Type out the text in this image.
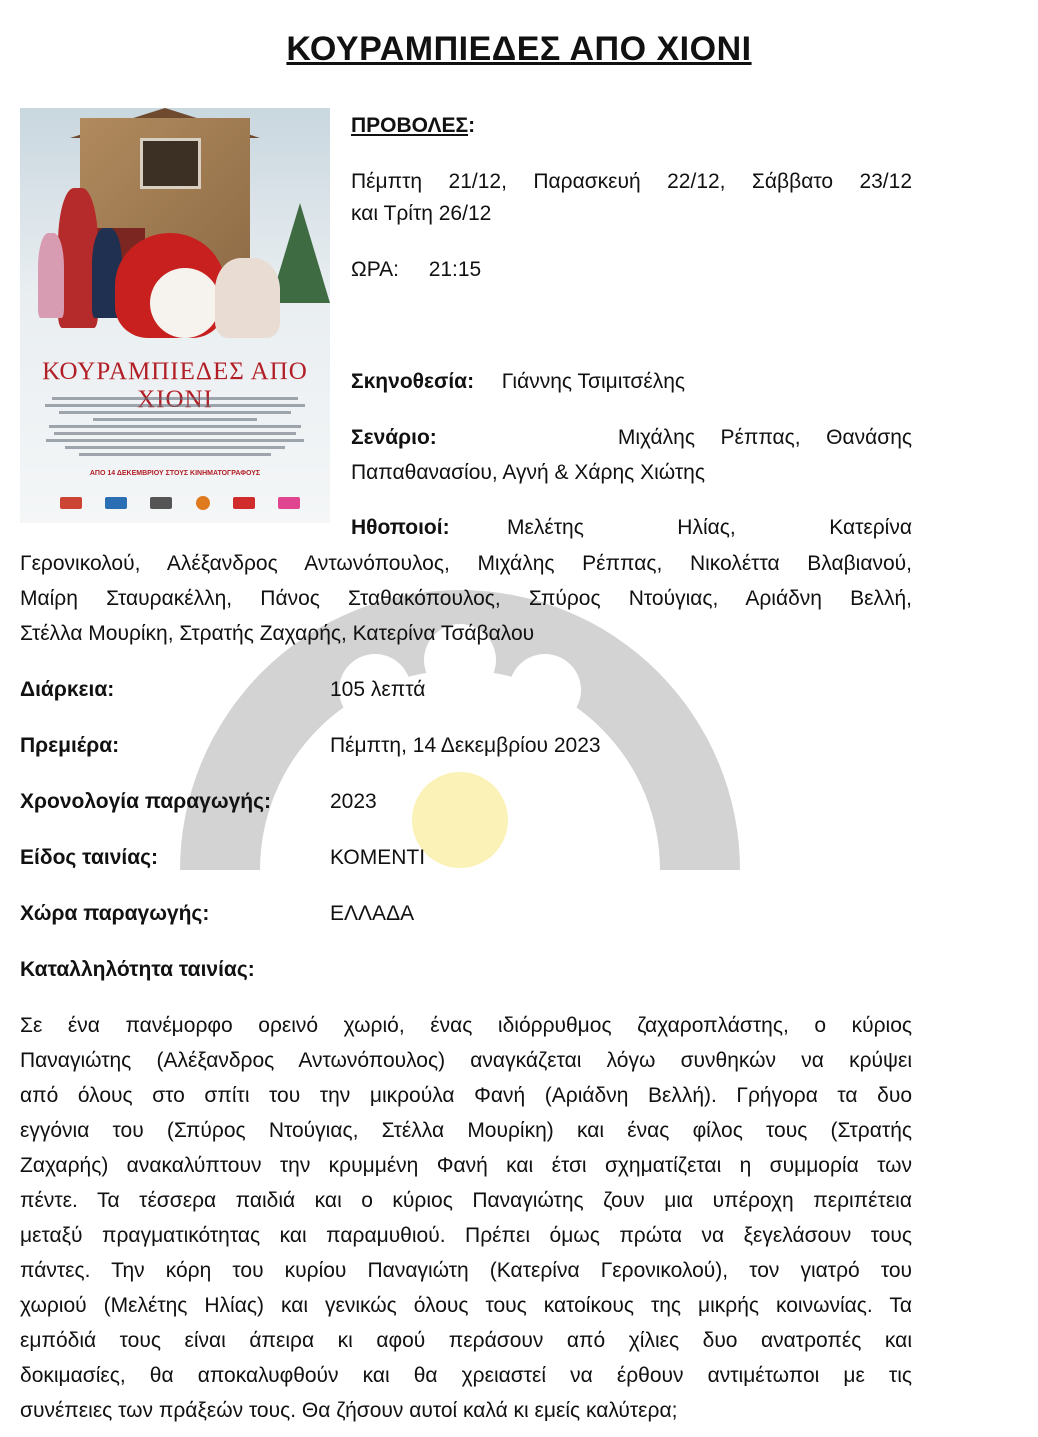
ΚΟΥΡΑΜΠΙΕΔΕΣ ΑΠΟ ΧΙΟΝΙ
ΚΟΥΡΑΜΠΙΕΔΕΣ ΑΠΟ
ΑΠΟ 14 ΔΕΚΕΜΒΡΙΟΥ ΣΤΟΥΣ ΚΙΝΗΜΑΤΟΓΡΑΦΟΥΣ
ΠΡΟΒΟΛΕΣ:
Πέμπτη 21/12, Παρασκευή 22/12, Σάββατο 23/12
και Τρίτη 26/12
ΩΡΑ: 21:15
Σκηνοθεσία: Γιάννης Τσιμιτσέλης
Σενάριο:	Μιχάλης Ρέππας, Θανάσης
Παπαθανασίου, Αγνή & Χάρης Χιώτης
Ηθοποιοί:	Μελέτης Ηλίας, Κατερίνα
Γερονικολού, Αλέξανδρος Αντωνόπουλος, Μιχάλης Ρέππας, Νικολέττα Βλαβιανού,
Μαίρη Σταυρακέλλη, Πάνος Σταθακόπουλος, Σπύρος Ντούγιας, Αριάδνη Βελλή,
Στέλλα Μουρίκη, Στρατής Ζαχαρής, Κατερίνα Τσάβαλου
Διάρκεια:	105 λεπτά
Πρεμιέρα:	Πέμπτη, 14 Δεκεμβρίου 2023
Χρονολογία παραγωγής:	2023
Είδος ταινίας:	ΚΟΜΕΝΤΙ
Χώρα παραγωγής:	ΕΛΛΑΔΑ
Καταλληλότητα ταινίας:
Σε ένα πανέμορφο ορεινό χωριό, ένας ιδιόρρυθμος ζαχαροπλάστης, ο κύριος
Παναγιώτης (Αλέξανδρος Αντωνόπουλος) αναγκάζεται λόγω συνθηκών να κρύψει
από όλους στο σπίτι του την μικρούλα Φανή (Αριάδνη Βελλή). Γρήγορα τα δυο
εγγόνια του (Σπύρος Ντούγιας, Στέλλα Μουρίκη) και ένας φίλος τους (Στρατής
Ζαχαρής) ανακαλύπτουν την κρυμμένη Φανή και έτσι σχηματίζεται η συμμορία των
πέντε. Τα τέσσερα παιδιά και ο κύριος Παναγιώτης ζουν μια υπέροχη περιπέτεια
μεταξύ πραγματικότητας και παραμυθιού. Πρέπει όμως πρώτα να ξεγελάσουν τους
πάντες. Την κόρη του κυρίου Παναγιώτη (Κατερίνα Γερονικολού), τον γιατρό του
χωριού (Μελέτης Ηλίας) και γενικώς όλους τους κατοίκους της μικρής κοινωνίας. Τα
εμπόδιά τους είναι άπειρα κι αφού περάσουν από χίλιες δυο ανατροπές και
δοκιμασίες, θα αποκαλυφθούν και θα χρειαστεί να έρθουν αντιμέτωποι με τις
συνέπειες των πράξεών τους. Θα ζήσουν αυτοί καλά κι εμείς καλύτερα;
